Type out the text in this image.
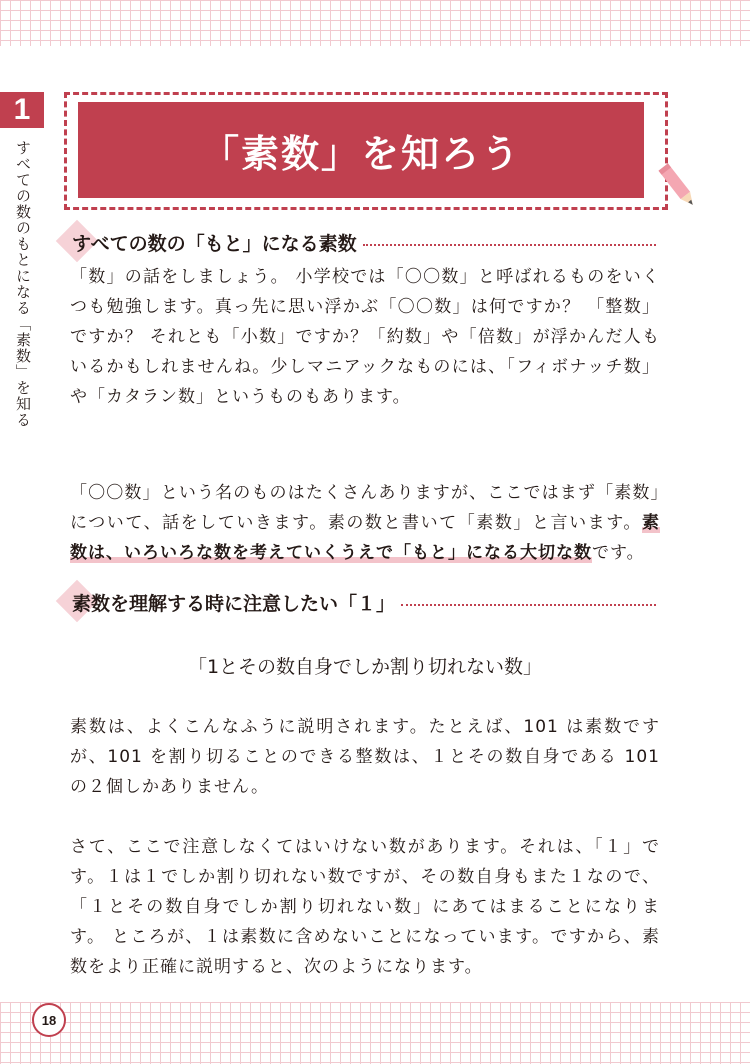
1
すべての数のもとになる「素数」を知る	「素数」を知ろう
すべての数の「もと」になる素数

「数」の話をしましょう。 小学校では「〇〇数」と呼ばれるものをいくつも勉強します。真っ先に思い浮かぶ「〇〇数」は何ですか？ 「整数」ですか？ それとも「小数」ですか？「約数」や「倍数」が浮かんだ人もいるかもしれませんね。少しマニアックなものには、「フィボナッチ数」や「カタラン数」というものもあります。

「〇〇数」という名のものはたくさんありますが、ここではまず「素数」について、話をしていきます。素の数と書いて「素数」と言います。素数は、いろいろな数を考えていくうえで「もと」になる大切な数です。

素数を理解する時に注意したい「１」
「1とその数自身でしか割り切れない数」

素数は、よくこんなふうに説明されます。たとえば、101 は素数ですが、101 を割り切ることのできる整数は、１とその数自身である 101 の２個しかありません。

さて、ここで注意しなくてはいけない数があります。それは、「１」です。１は１でしか割り切れない数ですが、その数自身もまた１なので、「１とその数自身でしか割り切れない数」にあてはまることになります。 ところが、１は素数に含めないことになっています。ですから、素数をより正確に説明すると、次のようになります。

18
